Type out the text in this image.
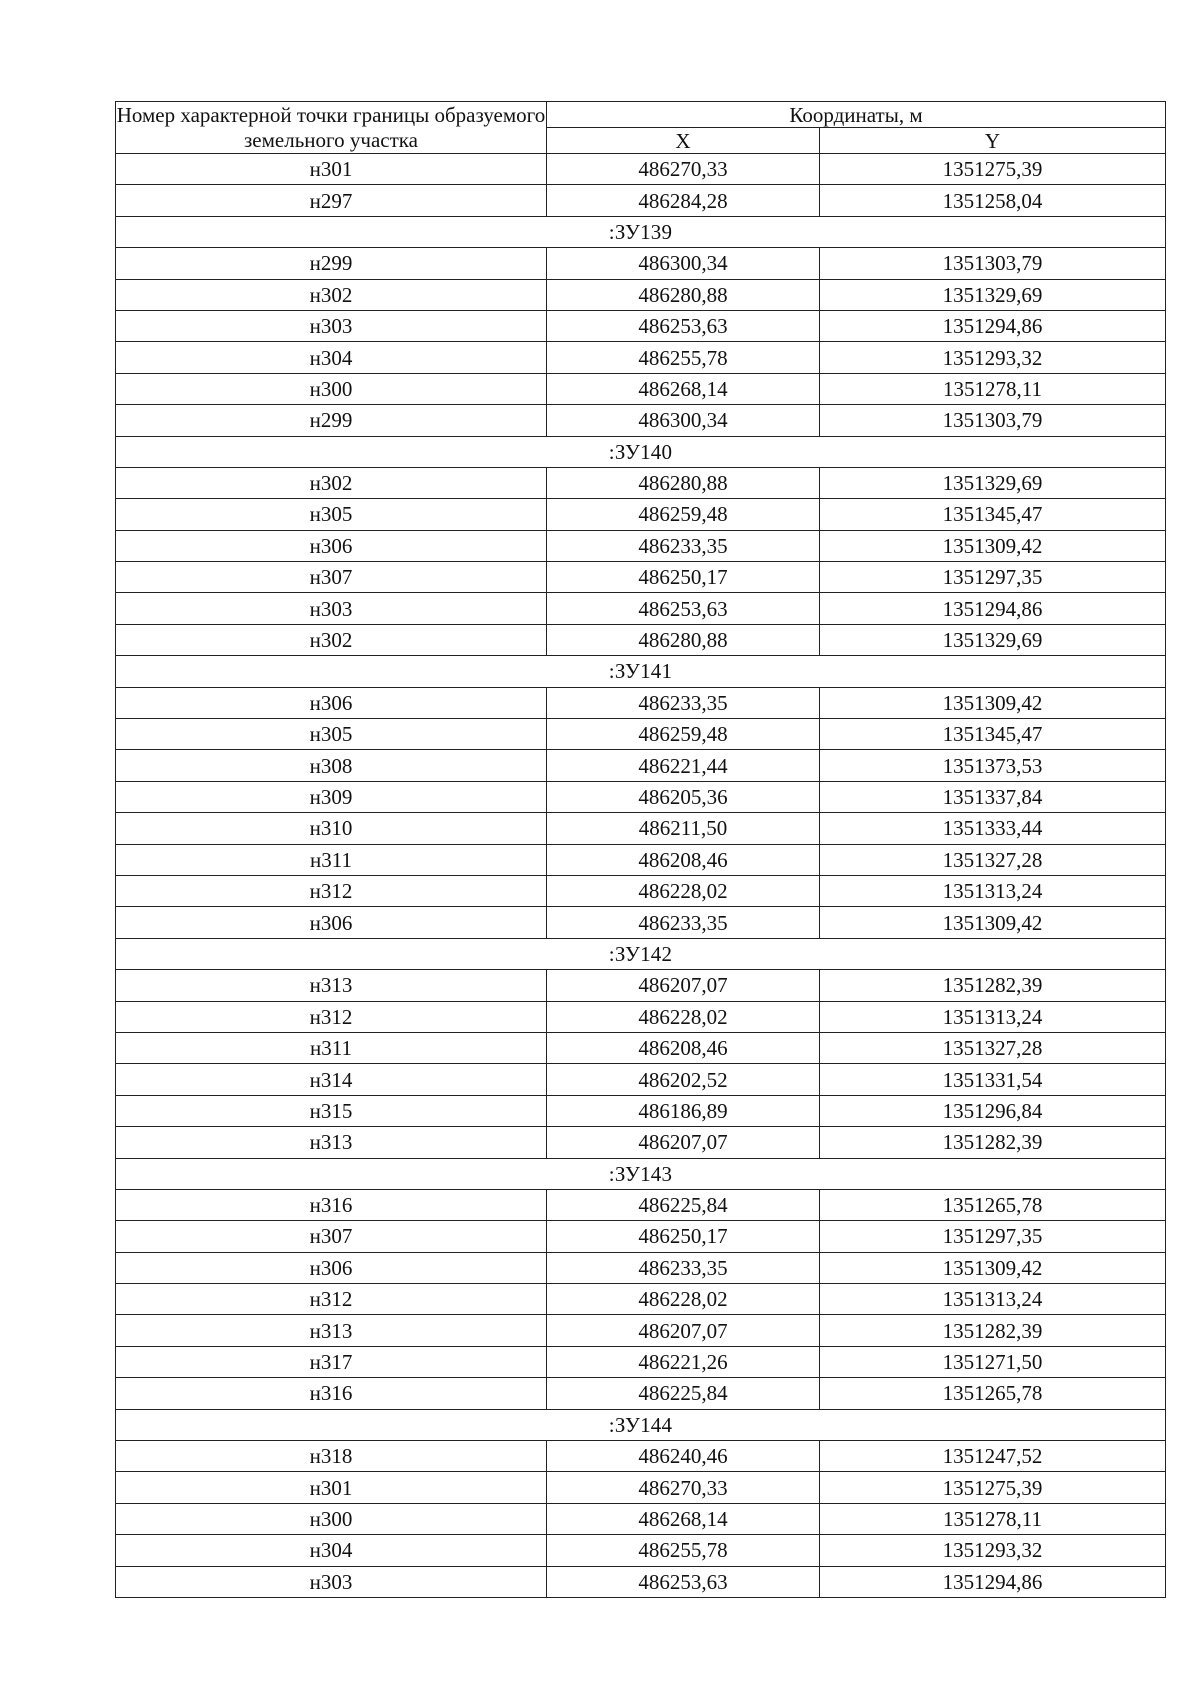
Номер характерной точки границы образуемого земельного участка	Координаты, м	
	X	Y
н301	486270,33	1351275,39
н297	486284,28	1351258,04
:ЗУ139		
н299	486300,34	1351303,79
н302	486280,88	1351329,69
н303	486253,63	1351294,86
н304	486255,78	1351293,32
н300	486268,14	1351278,11
н299	486300,34	1351303,79
:ЗУ140		
н302	486280,88	1351329,69
н305	486259,48	1351345,47
н306	486233,35	1351309,42
н307	486250,17	1351297,35
н303	486253,63	1351294,86
н302	486280,88	1351329,69
:ЗУ141		
н306	486233,35	1351309,42
н305	486259,48	1351345,47
н308	486221,44	1351373,53
н309	486205,36	1351337,84
н310	486211,50	1351333,44
н311	486208,46	1351327,28
н312	486228,02	1351313,24
н306	486233,35	1351309,42
:ЗУ142		
н313	486207,07	1351282,39
н312	486228,02	1351313,24
н311	486208,46	1351327,28
н314	486202,52	1351331,54
н315	486186,89	1351296,84
н313	486207,07	1351282,39
:ЗУ143		
н316	486225,84	1351265,78
н307	486250,17	1351297,35
н306	486233,35	1351309,42
н312	486228,02	1351313,24
н313	486207,07	1351282,39
н317	486221,26	1351271,50
н316	486225,84	1351265,78
:ЗУ144		
н318	486240,46	1351247,52
н301	486270,33	1351275,39
н300	486268,14	1351278,11
н304	486255,78	1351293,32
н303	486253,63	1351294,86
